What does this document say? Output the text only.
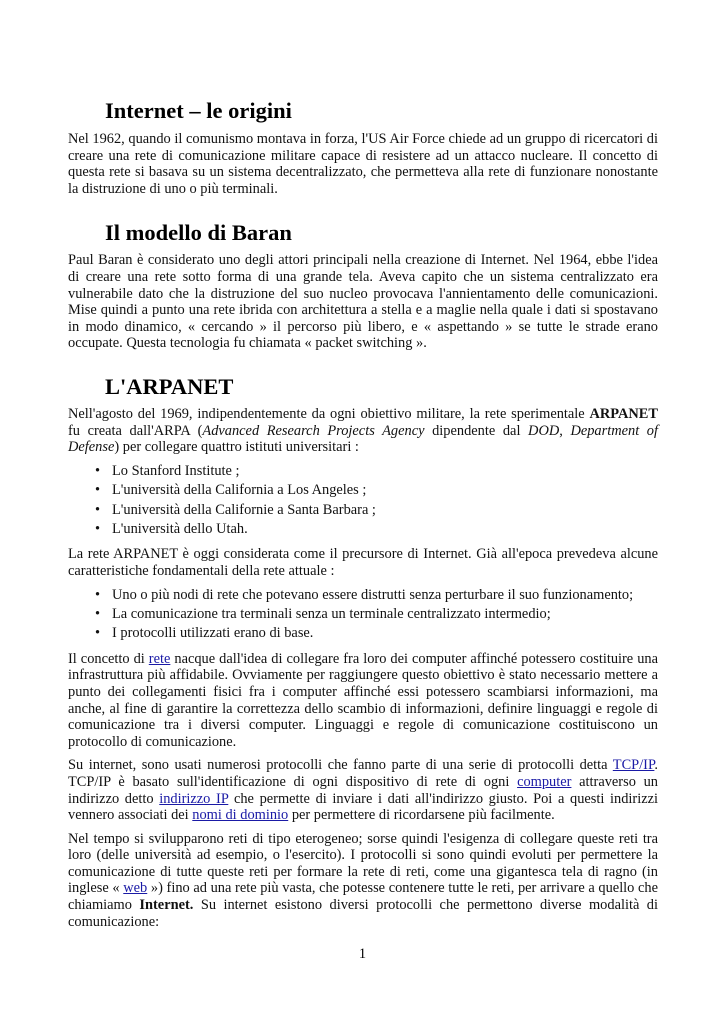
Internet – le origini

Nel 1962, quando il comunismo montava in forza, l'US Air Force chiede ad un gruppo di ricercatori di creare una rete di comunicazione militare capace di resistere ad un attacco nucleare. Il concetto di questa rete si basava su un sistema decentralizzato, che permetteva alla rete di funzionare nonostante la distruzione di uno o più terminali.

Il modello di Baran

Paul Baran è considerato uno degli attori principali nella creazione di Internet. Nel 1964, ebbe l'idea di creare una rete sotto forma di una grande tela. Aveva capito che un sistema centralizzato era vulnerabile dato che la distruzione del suo nucleo provocava l'annientamento delle comunicazioni. Mise quindi a punto una rete ibrida con architettura a stella e a maglie nella quale i dati si spostavano in modo dinamico, « cercando » il percorso più libero, e « aspettando » se tutte le strade erano occupate. Questa tecnologia fu chiamata « packet switching ».

L'ARPANET

Nell'agosto del 1969, indipendentemente da ogni obiettivo militare, la rete sperimentale ARPANET fu creata dall'ARPA (Advanced Research Projects Agency dipendente dal DOD, Department of Defense) per collegare quattro istituti universitari :

• Lo Stanford Institute ;
• L'università della California a Los Angeles ;
• L'università della Californie a Santa Barbara ;
• L'università dello Utah.

La rete ARPANET è oggi considerata come il precursore di Internet. Già all'epoca prevedeva alcune caratteristiche fondamentali della rete attuale :

• Uno o più nodi di rete che potevano essere distrutti senza perturbare il suo funzionamento;
• La comunicazione tra terminali senza un terminale centralizzato intermedio;
• I protocolli utilizzati erano di base.

Il concetto di rete nacque dall'idea di collegare fra loro dei computer affinché potessero costituire una infrastruttura più affidabile. Ovviamente per raggiungere questo obiettivo è stato necessario mettere a punto dei collegamenti fisici fra i computer affinché essi potessero scambiarsi informazioni, ma anche, al fine di garantire la correttezza dello scambio di informazioni, definire linguaggi e regole di comunicazione tra i diversi computer. Linguaggi e regole di comunicazione costituiscono un protocollo di comunicazione.

Su internet, sono usati numerosi protocolli che fanno parte di una serie di protocolli detta TCP/IP. TCP/IP è basato sull'identificazione di ogni dispositivo di rete di ogni computer attraverso un indirizzo detto indirizzo IP che permette di inviare i dati all'indirizzo giusto. Poi a questi indirizzi vennero associati dei nomi di dominio per permettere di ricordarsene più facilmente.

Nel tempo si svilupparono reti di tipo eterogeneo; sorse quindi l'esigenza di collegare queste reti tra loro (delle università ad esempio, o l'esercito). I protocolli si sono quindi evoluti per permettere la comunicazione di tutte queste reti per formare la rete di reti, come una gigantesca tela di ragno (in inglese « web ») fino ad una rete più vasta, che potesse contenere tutte le reti, per arrivare a quello che chiamiamo Internet. Su internet esistono diversi protocolli che permettono diverse modalità di comunicazione:

1
